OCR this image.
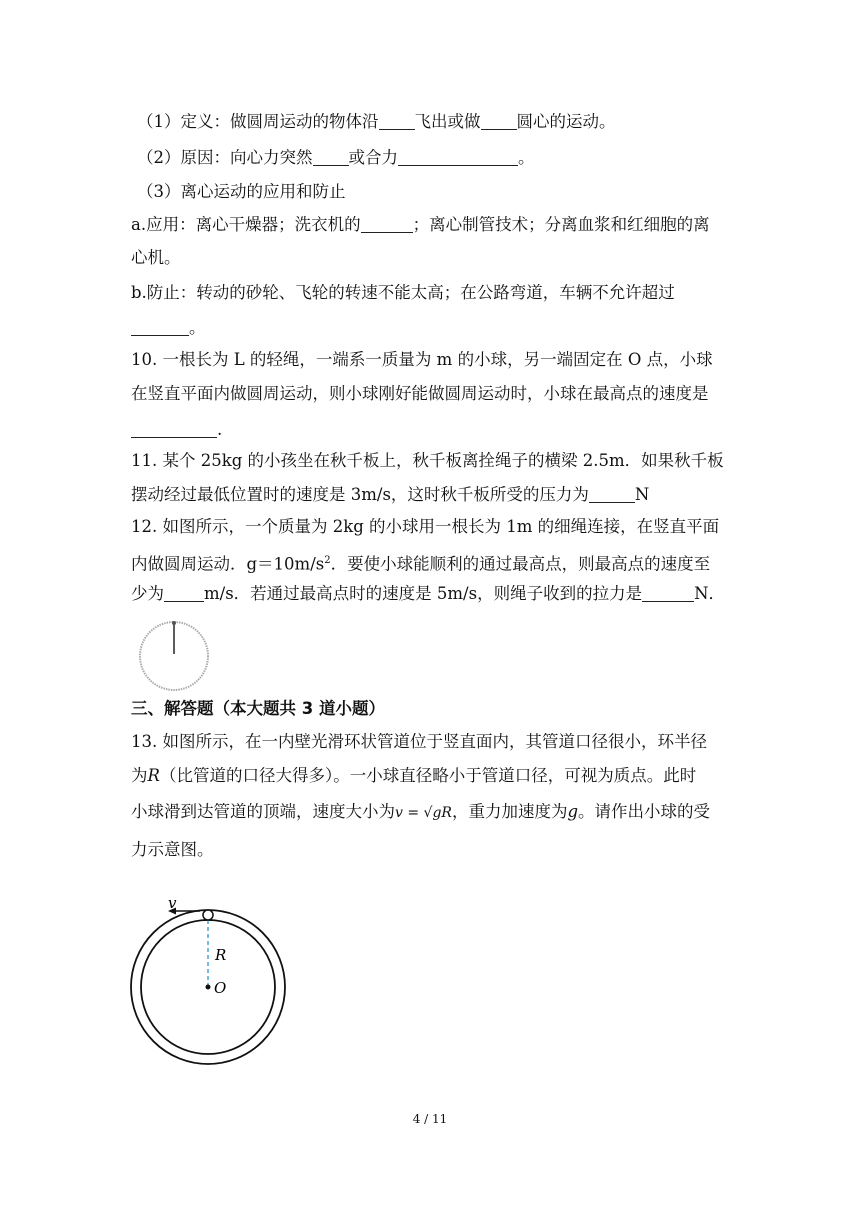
（1）定义：做圆周运动的物体沿 飞出或做 圆心的运动。
（2）原因：向心力突然 或合力	。
（3）离心运动的应用和防止
a.应用：离心干燥器；洗衣机的	；离心制管技术；分离血浆和红细胞的离
心机。
b.防止：转动的砂轮、飞轮的转速不能太高；在公路弯道，车辆不允许超过
。
10. 一根长为 L 的轻绳，一端系一质量为 m 的小球，另一端固定在 O 点，小球
在竖直平面内做圆周运动，则小球刚好能做圆周运动时，小球在最高点的速度是
.
11. 某个 25kg 的小孩坐在秋千板上，秋千板离拴绳子的横梁 2.5m．如果秋千板
摆动经过最低位置时的速度是 3m/s，这时秋千板所受的压力为	N
12. 如图所示，一个质量为 2kg 的小球用一根长为 1m 的细绳连接，在竖直平面
内做圆周运动．$g=10m/s^2$．要使小球能顺利的通过最高点，则最高点的速度至
少为 m/s．若通过最高点时的速度是 5m/s，则绳子收到的拉力是	N．
三、解答题（本大题共 3 道小题）
13. 如图所示，在一内壁光滑环状管道位于竖直面内，其管道口径很小，环半径
为R（比管道的口径大得多）。一小球直径略小于管道口径，可视为质点。此时
小球滑到达管道的顶端，速度大小为v = √gR，重力加速度为g。请作出小球的受
力示意图。
v
R
O
4 / 11
